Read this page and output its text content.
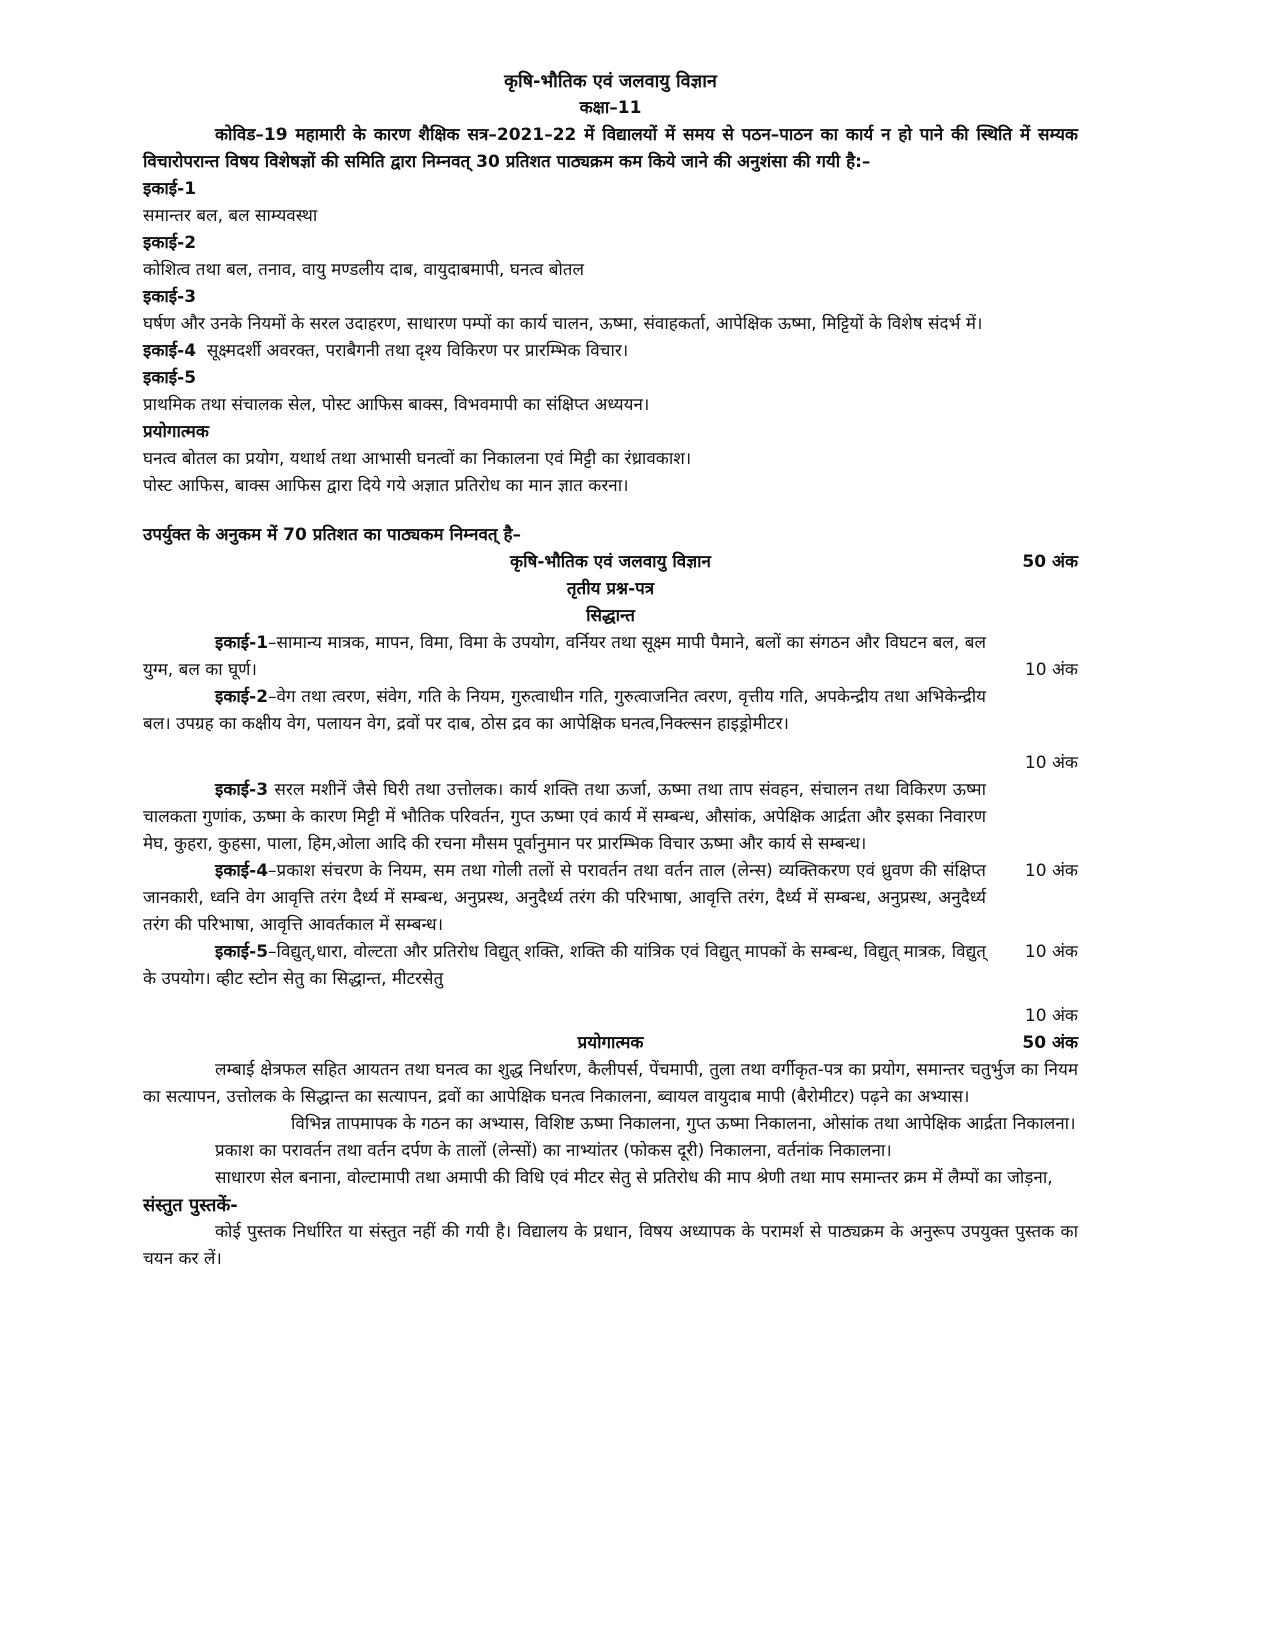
कृषि-भौतिक एवं जलवायु विज्ञान

कक्षा–11

कोविड–19 महामारी के कारण शैक्षिक सत्र–2021–22 में विद्यालयों में समय से पठन–पाठन का कार्य न हो पाने की स्थिति में सम्यक विचारोपरान्त विषय विशेषज्ञों की समिति द्वारा निम्नवत् 30 प्रतिशत पाठ्यक्रम कम किये जाने की अनुशंसा की गयी है:–

इकाई-1

समान्तर बल, बल साम्यवस्था

इकाई-2

कोशित्व तथा बल, तनाव, वायु मण्डलीय दाब, वायुदाबमापी, घनत्व बोतल

इकाई-3

घर्षण और उनके नियमों के सरल उदाहरण, साधारण पम्पों का कार्य चालन, ऊष्मा, संवाहकर्ता, आपेक्षिक ऊष्मा, मिट्टियों के विशेष संदर्भ में।

इकाई-4 सूक्ष्मदर्शी अवरक्त, पराबैगनी तथा दृश्य विकिरण पर प्रारम्भिक विचार।

इकाई-5

प्राथमिक तथा संचालक सेल, पोस्ट आफिस बाक्स, विभवमापी का संक्षिप्त अध्ययन।

प्रयोगात्मक

घनत्व बोतल का प्रयोग, यथार्थ तथा आभासी घनत्वों का निकालना एवं मिट्टी का रंध्रावकाश।

पोस्ट आफिस, बाक्स आफिस द्वारा दिये गये अज्ञात प्रतिरोध का मान ज्ञात करना।

उपर्युक्त के अनुकम में 70 प्रतिशत का पाठ्यकम निम्नवत् है–

कृषि-भौतिक एवं जलवायु विज्ञान	50 अंक

तृतीय प्रश्न-पत्र

सिद्धान्त

इकाई-1–सामान्य मात्रक, मापन, विमा, विमा के उपयोग, वर्नियर तथा सूक्ष्म मापी पैमाने, बलों का संगठन और विघटन बल, बल युग्म, बल का घूर्ण।	10 अंक

इकाई-2–वेग तथा त्वरण, संवेग, गति के नियम, गुरुत्वाधीन गति, गुरुत्वाजनित त्वरण, वृत्तीय गति, अपकेन्द्रीय तथा अभिकेन्द्रीय बल। उपग्रह का कक्षीय वेग, पलायन वेग, द्रवों पर दाब, ठोस द्रव का आपेक्षिक घनत्व,निक्ल्सन हाइड्रोमीटर।

10 अंक

इकाई-3 सरल मशीनें जैसे घिरी तथा उत्तोलक। कार्य शक्ति तथा ऊर्जा, ऊष्मा तथा ताप संवहन, संचालन तथा विकिरण ऊष्मा चालकता गुणांक, ऊष्मा के कारण मिट्टी में भौतिक परिवर्तन, गुप्त ऊष्मा एवं कार्य में सम्बन्ध, औसांक, अपेक्षिक आर्द्रता और इसका निवारण मेघ, कुहरा, कुहसा, पाला, हिम,ओला आदि की रचना मौसम पूर्वानुमान पर प्रारम्भिक विचार ऊष्मा और कार्य से सम्बन्ध।

इकाई-4–प्रकाश संचरण के नियम, सम तथा गोली तलों से परावर्तन तथा वर्तन ताल (लेन्स) व्यक्तिकरण एवं ध्रुवण की संक्षिप्त जानकारी, ध्वनि वेग आवृत्ति तरंग दैर्ध्य में सम्बन्ध, अनुप्रस्थ, अनुदैर्ध्य तरंग की परिभाषा, आवृत्ति तरंग, दैर्ध्य में सम्बन्ध, अनुप्रस्थ, अनुदैर्ध्य तरंग की परिभाषा, आवृत्ति आवर्तकाल में सम्बन्ध।

10 अंक

इकाई-5–विद्युत्,धारा, वोल्टता और प्रतिरोध विद्युत् शक्ति, शक्ति की यांत्रिक एवं विद्युत् मापकों के सम्बन्ध, विद्युत् मात्रक, विद्युत् के उपयोग। व्हीट स्टोन सेतु का सिद्धान्त, मीटरसेतु

10 अंक

10 अंक

प्रयोगात्मक	50 अंक

लम्बाई क्षेत्रफल सहित आयतन तथा घनत्व का शुद्ध निर्धारण, कैलीपर्स, पेंचमापी, तुला तथा वर्गीकृत-पत्र का प्रयोग, समान्तर चतुर्भुज का नियम का सत्यापन, उत्तोलक के सिद्धान्त का सत्यापन, द्रवों का आपेक्षिक घनत्व निकालना, ब्वायल वायुदाब मापी (बैरोमीटर) पढ़ने का अभ्यास।

विभिन्न तापमापक के गठन का अभ्यास, विशिष्ट ऊष्मा निकालना, गुप्त ऊष्मा निकालना, ओसांक तथा आपेक्षिक आर्द्रता निकालना।

प्रकाश का परावर्तन तथा वर्तन दर्पण के तालों (लेन्सों) का नाभ्यांतर (फोकस दूरी) निकालना, वर्तनांक निकालना।

साधारण सेल बनाना, वोल्टामापी तथा अमापी की विधि एवं मीटर सेतु से प्रतिरोध की माप श्रेणी तथा माप समान्तर क्रम में लैम्पों का जोड़ना,

संस्तुत पुस्तकें-

कोई पुस्तक निर्धारित या संस्तुत नहीं की गयी है। विद्यालय के प्रधान, विषय अध्यापक के परामर्श से पाठ्यक्रम के अनुरूप उपयुक्त पुस्तक का चयन कर लें।
